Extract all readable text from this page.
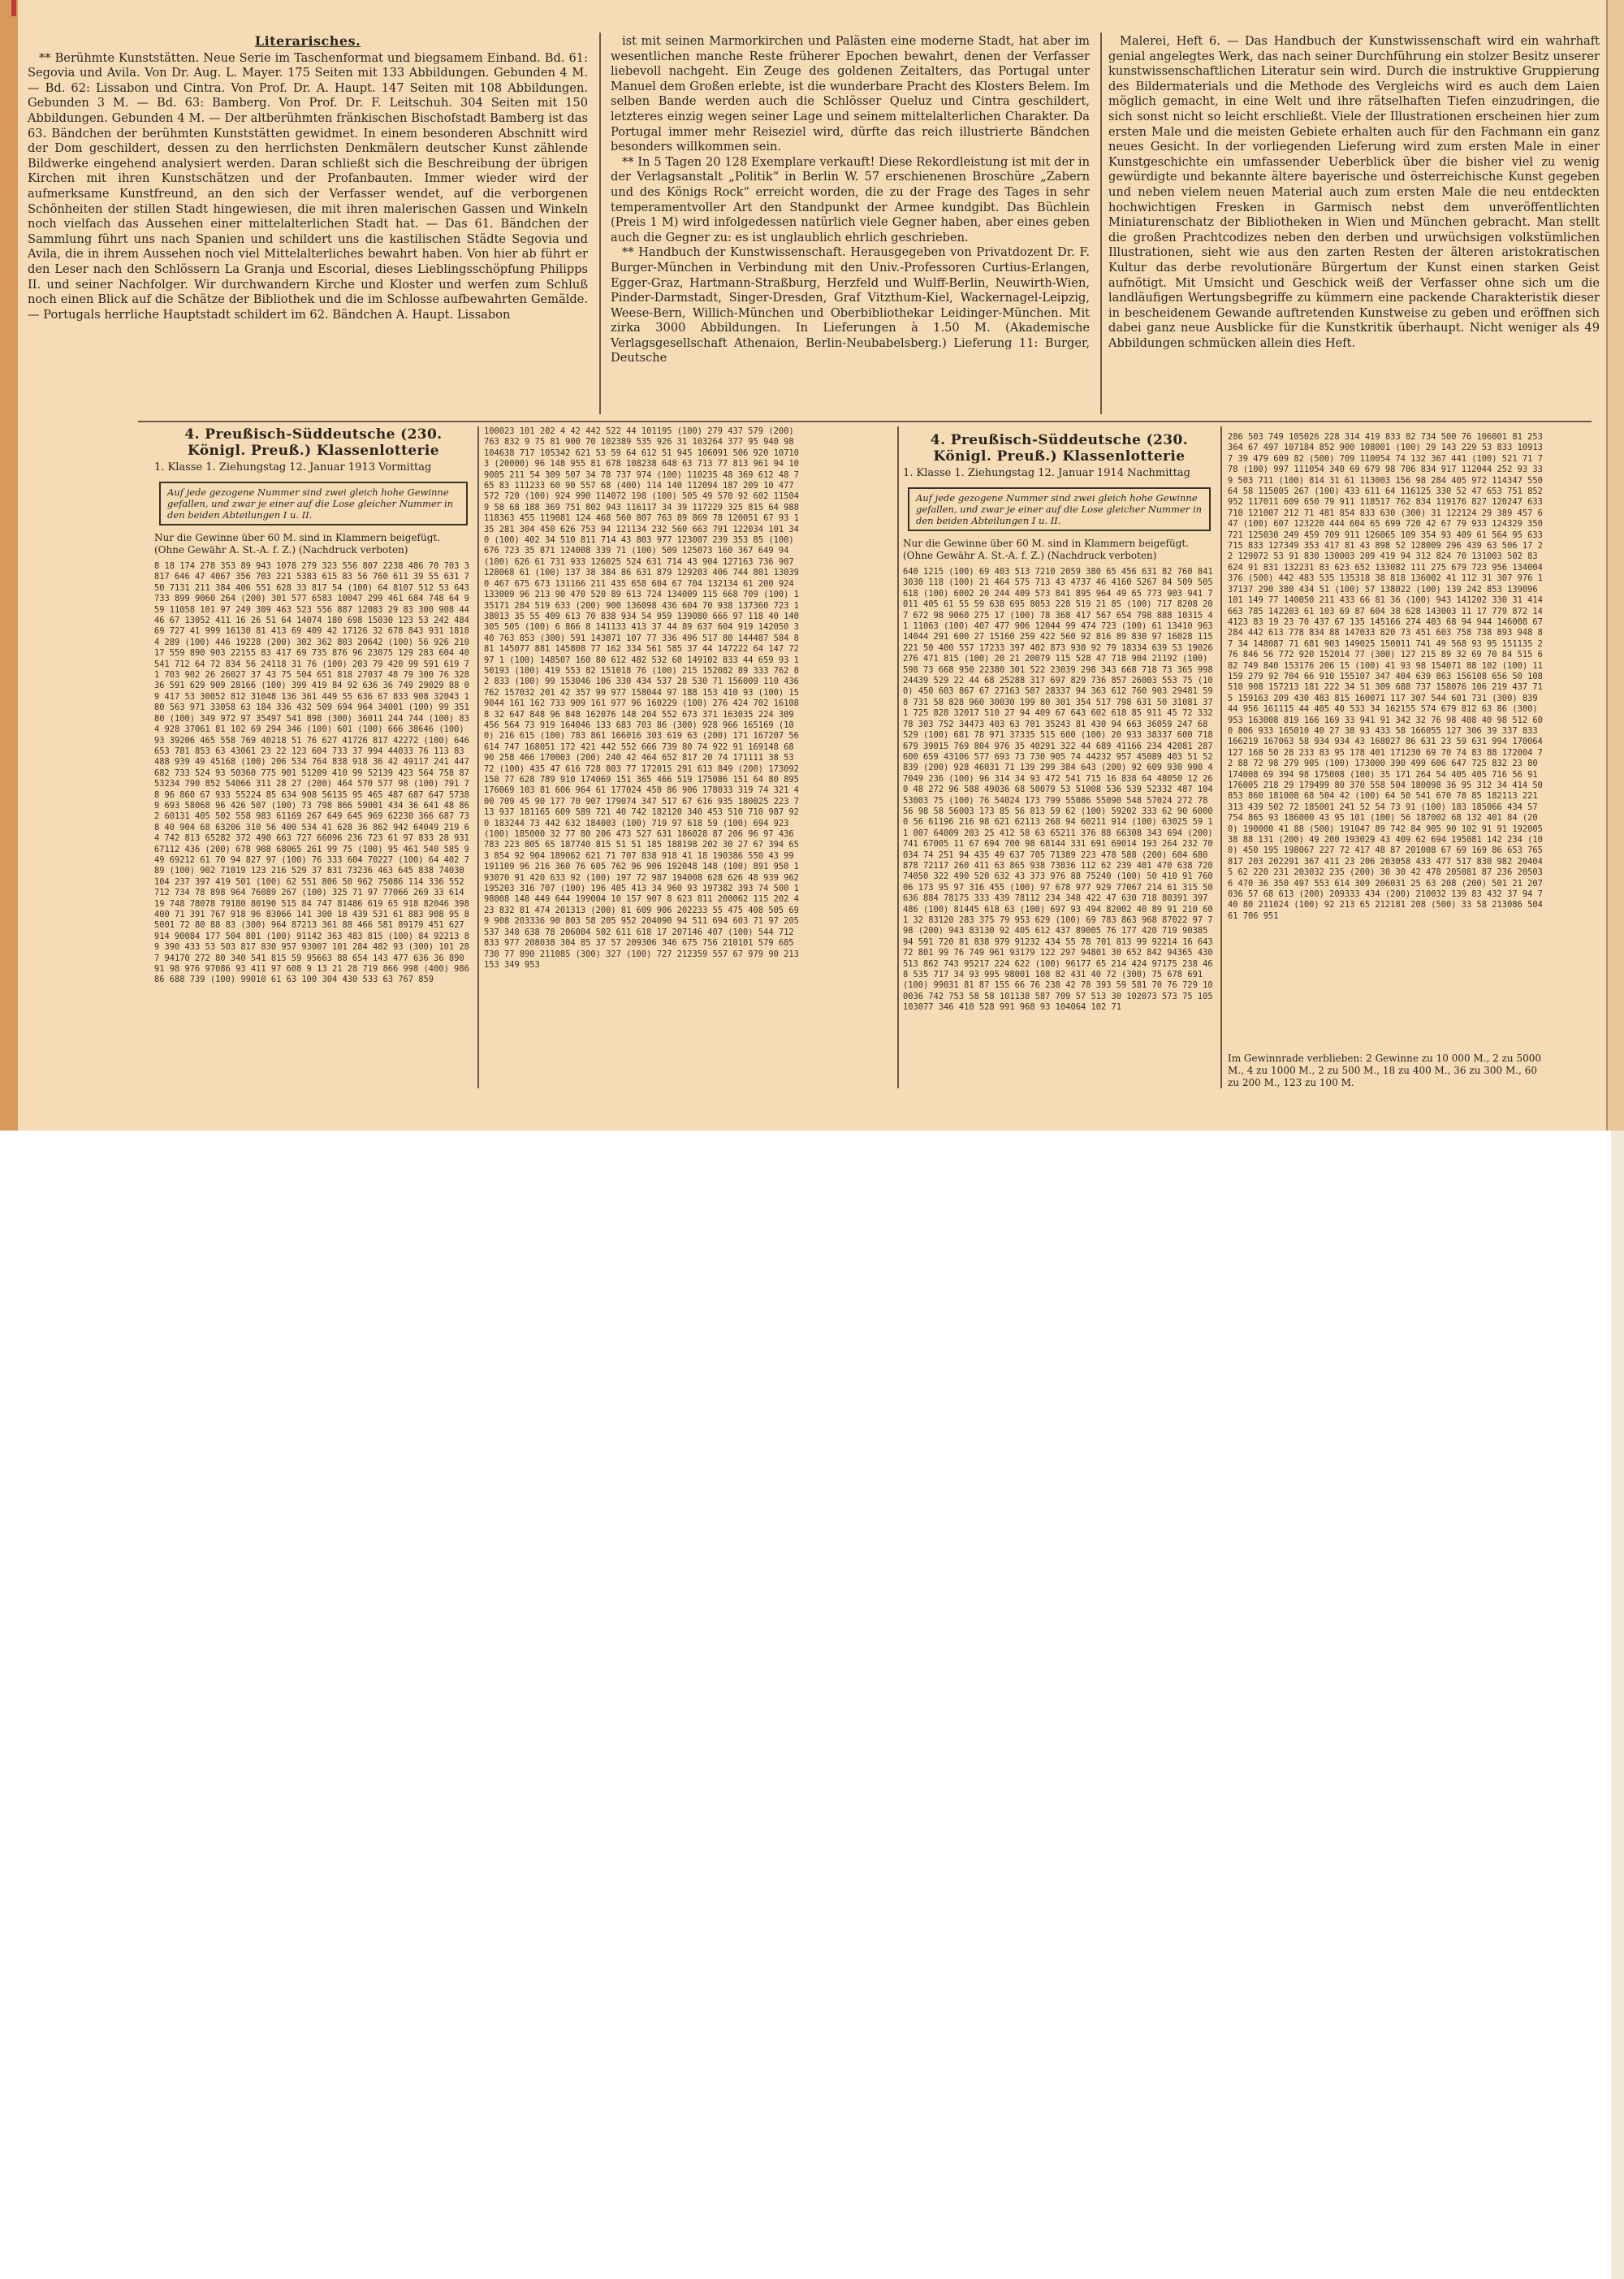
Literarisches.

** Berühmte Kunststätten. Neue Serie im Taschenformat und biegsamem Einband. Bd. 61: Segovia und Avila. Von Dr. Aug. L. Mayer. 175 Seiten mit 133 Abbildungen. Gebunden 4 M. — Bd. 62: Lissabon und Cintra. Von Prof. Dr. A. Haupt. 147 Seiten mit 108 Abbildungen. Gebunden 3 M. — Bd. 63: Bamberg. Von Prof. Dr. F. Leitschuh. 304 Seiten mit 150 Abbildungen. Gebunden 4 M. — Der altberühmten fränkischen Bischofstadt Bamberg ist das 63. Bändchen der berühmten Kunststätten gewidmet. In einem besonderen Abschnitt wird der Dom geschildert, dessen zu den herrlichsten Denkmälern deutscher Kunst zählende Bildwerke eingehend analysiert werden. Daran schließt sich die Beschreibung der übrigen Kirchen mit ihren Kunstschätzen und der Profanbauten. Immer wieder wird der aufmerksame Kunstfreund, an den sich der Verfasser wendet, auf die verborgenen Schönheiten der stillen Stadt hingewiesen, die mit ihren malerischen Gassen und Winkeln noch vielfach das Aussehen einer mittelalterlichen Stadt hat. — Das 61. Bändchen der Sammlung führt uns nach Spanien und schildert uns die kastilischen Städte Segovia und Avila, die in ihrem Aussehen noch viel Mittelalterliches bewahrt haben. Von hier ab führt er den Leser nach den Schlössern La Granja und Escorial, dieses Lieblingsschöpfung Philipps II. und seiner Nachfolger. Wir durchwandern Kirche und Kloster und werfen zum Schluß noch einen Blick auf die Schätze der Bibliothek und die im Schlosse aufbewahrten Gemälde. — Portugals herrliche Hauptstadt schildert im 62. Bändchen A. Haupt. Lissabon

ist mit seinen Marmorkirchen und Palästen eine moderne Stadt, hat aber im wesentlichen manche Reste früherer Epochen bewahrt, denen der Verfasser liebevoll nachgeht. Ein Zeuge des goldenen Zeitalters, das Portugal unter Manuel dem Großen erlebte, ist die wunderbare Pracht des Klosters Belem. Im selben Bande werden auch die Schlösser Queluz und Cintra geschildert, letzteres einzig wegen seiner Lage und seinem mittelalterlichen Charakter. Da Portugal immer mehr Reiseziel wird, dürfte das reich illustrierte Bändchen besonders willkommen sein.

** In 5 Tagen 20 128 Exemplare verkauft! Diese Rekordleistung ist mit der in der Verlagsanstalt „Politik“ in Berlin W. 57 erschienenen Broschüre „Zabern und des Königs Rock“ erreicht worden, die zu der Frage des Tages in sehr temperamentvoller Art den Standpunkt der Armee kundgibt. Das Büchlein (Preis 1 M) wird infolgedessen natürlich viele Gegner haben, aber eines geben auch die Gegner zu: es ist unglaublich ehrlich geschrieben.

** Handbuch der Kunstwissenschaft. Herausgegeben von Privatdozent Dr. F. Burger-München in Verbindung mit den Univ.-Professoren Curtius-Erlangen, Egger-Graz, Hartmann-Straßburg, Herzfeld und Wulff-Berlin, Neuwirth-Wien, Pinder-Darmstadt, Singer-Dresden, Graf Vitzthum-Kiel, Wackernagel-Leipzig, Weese-Bern, Willich-München und Oberbibliothekar Leidinger-München. Mit zirka 3000 Abbildungen. In Lieferungen à 1.50 M. (Akademische Verlagsgesellschaft Athenaion, Berlin-Neubabelsberg.) Lieferung 11: Burger, Deutsche

Malerei, Heft 6. — Das Handbuch der Kunstwissenschaft wird ein wahrhaft genial angelegtes Werk, das nach seiner Durchführung ein stolzer Besitz unserer kunstwissenschaftlichen Literatur sein wird. Durch die instruktive Gruppierung des Bildermaterials und die Methode des Vergleichs wird es auch dem Laien möglich gemacht, in eine Welt und ihre rätselhaften Tiefen einzudringen, die sich sonst nicht so leicht erschließt. Viele der Illustrationen erscheinen hier zum ersten Male und die meisten Gebiete erhalten auch für den Fachmann ein ganz neues Gesicht. In der vorliegenden Lieferung wird zum ersten Male in einer Kunstgeschichte ein umfassender Ueberblick über die bisher viel zu wenig gewürdigte und bekannte ältere bayerische und österreichische Kunst gegeben und neben vielem neuen Material auch zum ersten Male die neu entdeckten hochwichtigen Fresken in Garmisch nebst dem unveröffentlichten Miniaturenschatz der Bibliotheken in Wien und München gebracht. Man stellt die großen Prachtcodizes neben den derben und urwüchsigen volkstümlichen Illustrationen, sieht wie aus den zarten Resten der älteren aristokratischen Kultur das derbe revolutionäre Bürgertum der Kunst einen starken Geist aufnötigt. Mit Umsicht und Geschick weiß der Verfasser ohne sich um die landläufigen Wertungsbegriffe zu kümmern eine packende Charakteristik dieser in bescheidenem Gewande auftretenden Kunstweise zu geben und eröffnen sich dabei ganz neue Ausblicke für die Kunstkritik überhaupt. Nicht weniger als 49 Abbildungen schmücken allein dies Heft.

4. Preußisch-Süddeutsche (230. Königl. Preuß.) Klassenlotterie
1. Klasse 1. Ziehungstag 12. Januar 1913 Vormittag
Auf jede gezogene Nummer sind zwei gleich hohe Gewinne gefallen, und zwar je einer auf die Lose gleicher Nummer in den beiden Abteilungen I u. II.
Nur die Gewinne über 60 M. sind in Klammern beigefügt. (Ohne Gewähr A. St.-A. f. Z.) (Nachdruck verboten)
8 18 174 278 353 89 943 1078 279 323 556 807 2238 486 70 703 3817 646 47 4067 356 703 221 5383 615 83 56 760 611 39 55 631 750 7131 211 384 406 551 628 33 817 54 (100) 64 8107 512 53 643 733 899 9060 264 (200) 301 577 6583 10047 299 461 684 748 64 959 11058 101 97 249 309 463 523 556 887 12083 29 83 300 908 44 46 67 13052 411 16 26 51 64 14074 180 698 15030 123 53 242 484 69 727 41 999 16130 81 413 69 409 42 17126 32 678 843 931 18184 289 (100) 446 19228 (200) 302 362 803 20642 (100) 56 926 21017 559 890 903 22155 83 417 69 735 876 96 23075 129 283 604 40 541 712 64 72 834 56 24118 31 76 (100) 203 79 420 99 591 619 71 703 902 26 26027 37 43 75 504 651 818 27037 48 79 300 76 328 36 591 629 909 28166 (100) 399 419 84 92 636 36 749 29029 88 09 417 53 30052 812 31048 136 361 449 55 636 67 833 908 32043 180 563 971 33058 63 184 336 432 509 694 964 34001 (100) 99 35180 (100) 349 972 97 35497 541 898 (300) 36011 244 744 (100) 834 928 37061 81 102 69 294 346 (100) 601 (100) 666 38646 (100) 93 39206 465 558 769 40218 51 76 627 41726 817 42272 (100) 646 653 781 853 63 43061 23 22 123 604 733 37 994 44033 76 113 83 488 939 49 45168 (100) 206 534 764 838 918 36 42 49117 241 447 682 733 524 93 50360 775 901 51209 410 99 52139 423 564 758 87 53234 790 852 54066 311 28 27 (200) 464 570 577 98 (100) 791 78 96 860 67 933 55224 85 634 908 56135 95 465 487 687 647 57389 693 58068 96 426 507 (100) 73 798 866 59001 434 36 641 48 862 60131 405 502 558 983 61169 267 649 645 969 62230 366 687 738 40 904 68 63206 310 56 400 534 41 628 36 862 942 64049 219 64 742 813 65282 372 490 663 727 66096 236 723 61 97 833 28 931 67112 436 (200) 678 908 68065 261 99 75 (100) 95 461 540 585 949 69212 61 70 94 827 97 (100) 76 333 604 70227 (100) 64 402 789 (100) 902 71019 123 216 529 37 831 73236 463 645 838 74030 104 237 397 419 501 (100) 62 551 806 50 962 75086 114 336 552 712 734 78 898 964 76089 267 (100) 325 71 97 77066 269 33 614 19 748 78078 79180 80190 515 84 747 81486 619 65 918 82046 398 400 71 391 767 918 96 83066 141 300 18 439 531 61 883 908 95 85001 72 80 88 83 (300) 964 87213 361 88 466 581 89179 451 627 914 90084 177 504 801 (100) 91142 363 483 815 (100) 84 92213 89 390 433 53 503 817 830 957 93007 101 284 482 93 (300) 101 287 94170 272 80 340 541 815 59 95663 88 654 143 477 636 36 890 91 98 976 97086 93 411 97 608 9 13 21 28 719 866 998 (400) 98686 688 739 (100) 99010 61 63 100 304 430 533 63 767 859
100023 101 202 4 42 442 522 44 101195 (100) 279 437 579 (200) 763 832 9 75 81 900 70 102389 535 926 31 103264 377 95 940 98 104638 717 105342 621 53 59 64 612 51 945 106091 506 920 107103 (20000) 96 148 955 81 678 108238 648 63 713 77 813 961 94 109005 211 54 309 507 34 78 737 974 (100) 110235 48 369 612 48 765 83 111233 60 90 557 68 (400) 114 140 112094 187 209 10 477 572 720 (100) 924 990 114072 198 (100) 505 49 570 92 602 115049 58 68 188 369 751 802 943 116117 34 39 117229 325 815 64 988 118363 455 119081 124 468 560 807 763 89 869 78 120051 67 93 135 281 304 450 626 753 94 121134 232 560 663 791 122034 101 340 (100) 402 34 510 811 714 43 803 977 123007 239 353 85 (100) 676 723 35 871 124008 339 71 (100) 509 125073 160 367 649 94 (100) 626 61 731 933 126025 524 631 714 43 904 127163 736 907 128068 61 (100) 137 38 384 86 631 879 129203 406 744 801 130390 467 675 673 131166 211 435 658 604 67 704 132134 61 200 924 133009 96 213 90 470 520 89 613 724 134009 115 668 709 (100) 135171 284 519 633 (200) 900 136098 436 604 70 938 137360 723 138013 35 55 409 613 70 838 934 54 959 139080 666 97 118 40 140305 505 (100) 6 866 8 141133 413 37 44 89 637 604 919 142050 340 763 853 (300) 591 143071 107 77 336 496 517 80 144487 584 881 145077 881 145808 77 162 334 561 585 37 44 147222 64 147 72 97 1 (100) 148507 160 80 612 482 532 60 149102 833 44 659 93 150193 (100) 419 553 82 151018 76 (100) 215 152082 89 333 762 82 833 (100) 99 153046 106 330 434 537 28 530 71 156009 110 436 762 157032 201 42 357 99 977 158044 97 188 153 410 93 (100) 159044 161 162 733 909 161 977 96 160229 (100) 276 424 702 161088 32 647 848 96 848 162076 148 204 552 673 371 163035 224 309 456 564 73 919 164046 133 683 703 86 (300) 928 966 165169 (100) 216 615 (100) 783 861 166016 303 619 63 (200) 171 167207 56 614 747 168051 172 421 442 552 666 739 80 74 922 91 169148 68 90 258 466 170003 (200) 240 42 464 652 817 20 74 171111 38 53 72 (100) 435 47 616 728 803 77 172015 291 613 849 (200) 173092 150 77 628 789 910 174069 151 365 466 519 175086 151 64 80 895 176069 103 81 606 964 61 177024 450 86 906 178033 319 74 321 400 709 45 90 177 70 907 179074 347 517 67 616 935 180025 223 713 937 181165 609 589 721 40 742 182120 340 453 510 710 987 920 183244 73 442 632 184003 (100) 719 97 618 59 (100) 694 923 (100) 185000 32 77 80 206 473 527 631 186028 87 206 96 97 436 783 223 805 65 187740 815 51 51 185 188198 202 30 27 67 394 653 854 92 904 189062 621 71 707 838 918 41 18 190386 550 43 99 191109 96 216 360 76 605 762 96 906 192048 148 (100) 891 950 193070 91 420 633 92 (100) 197 72 987 194008 628 626 48 939 962 195203 316 707 (100) 196 405 413 34 960 93 197382 393 74 500 198008 148 449 644 199004 10 157 907 8 623 811 200062 115 202 423 832 81 474 201313 (200) 81 609 906 202233 55 475 408 505 699 908 203336 90 803 58 205 952 204090 94 511 694 603 71 97 205537 348 638 78 206004 502 611 618 17 207146 407 (100) 544 712 833 977 208038 304 85 37 57 209306 346 675 756 210101 579 685 730 77 890 211085 (300) 327 (100) 727 212359 557 67 979 90 213153 349 953
4. Preußisch-Süddeutsche (230. Königl. Preuß.) Klassenlotterie
1. Klasse 1. Ziehungstag 12. Januar 1914 Nachmittag
Auf jede gezogene Nummer sind zwei gleich hohe Gewinne gefallen, und zwar je einer auf die Lose gleicher Nummer in den beiden Abteilungen I u. II.
Nur die Gewinne über 60 M. sind in Klammern beigefügt. (Ohne Gewähr A. St.-A. f. Z.) (Nachdruck verboten)
640 1215 (100) 69 403 513 7210 2059 380 65 456 631 82 760 841 3030 118 (100) 21 464 575 713 43 4737 46 4160 5267 84 509 505 618 (100) 6002 20 244 409 573 841 895 964 49 65 773 903 941 7011 405 61 55 59 638 695 8053 228 519 21 85 (100) 717 8208 207 672 98 9060 275 17 (100) 78 368 417 567 654 798 888 10315 41 11063 (100) 407 477 906 12044 99 474 723 (100) 61 13410 963 14044 291 600 27 15160 259 422 560 92 816 89 830 97 16028 115 221 50 400 557 17233 397 402 873 930 92 79 18334 639 53 19026 276 471 815 (100) 20 21 20079 115 528 47 718 904 21192 (100) 598 73 668 950 22380 301 522 23039 298 343 668 718 73 365 998 24439 529 22 44 68 25288 317 697 829 736 857 26003 553 75 (100) 450 603 867 67 27163 507 28337 94 363 612 760 903 29481 598 731 58 828 960 30030 199 80 301 354 517 798 631 50 31081 371 725 828 32017 510 27 94 409 67 643 602 618 85 911 45 72 33278 303 752 34473 403 63 701 35243 81 430 94 663 36059 247 68 529 (100) 681 78 971 37335 515 600 (100) 20 933 38337 600 718 679 39015 769 804 976 35 40291 322 44 689 41166 234 42081 287 600 659 43106 577 693 73 730 905 74 44232 957 45089 403 51 52 839 (200) 928 46031 71 139 299 384 643 (200) 92 609 930 900 47049 236 (100) 96 314 34 93 472 541 715 16 838 64 48050 12 260 48 272 96 588 49036 68 50079 53 51008 536 539 52332 487 104 53003 75 (100) 76 54024 173 799 55086 55090 548 57024 272 78 56 98 58 56003 173 85 56 813 59 62 (100) 59202 333 62 90 60000 56 61196 216 98 621 62113 268 94 60211 914 (100) 63025 59 11 007 64009 203 25 412 58 63 65211 376 88 66308 343 694 (200) 741 67005 11 67 694 700 98 68144 331 691 69014 193 264 232 70034 74 251 94 435 49 637 705 71389 223 478 588 (200) 604 680 878 72117 260 411 63 865 938 73036 112 62 239 401 470 638 720 74050 322 490 520 632 43 373 976 88 75240 (100) 50 410 91 76006 173 95 97 316 455 (100) 97 678 977 929 77067 214 61 315 50 636 884 78175 333 439 78112 234 348 422 47 630 718 80391 397 486 (100) 81445 618 63 (100) 697 93 494 82002 40 89 91 210 601 32 83120 283 375 79 953 629 (100) 69 783 863 968 87022 97 798 (200) 943 83130 92 405 612 437 89005 76 177 420 719 90385 94 591 720 81 838 979 91232 434 55 78 701 813 99 92214 16 643 72 801 99 76 749 961 93179 122 297 94801 30 652 842 94365 430 513 862 743 95217 224 622 (100) 96177 65 214 424 97175 238 468 535 717 34 93 995 98001 108 82 431 40 72 (300) 75 678 691 (100) 99031 81 87 155 66 76 238 42 78 393 59 581 70 76 729 100036 742 753 58 58 101138 587 709 57 513 30 102073 573 75 105 103077 346 410 528 991 968 93 104064 102 71
286 503 749 105026 228 314 419 833 82 734 500 76 106001 81 253 364 67 497 107184 852 900 108001 (100) 29 143 229 53 833 109137 39 479 609 82 (500) 709 110054 74 132 367 441 (100) 521 71 778 (100) 997 111054 340 69 679 98 706 834 917 112044 252 93 339 503 711 (100) 814 31 61 113003 156 98 284 405 972 114347 550 64 58 115005 267 (100) 433 611 64 116125 330 52 47 653 751 852 952 117011 609 650 79 911 118517 762 834 119176 827 120247 633 710 121007 212 71 481 854 833 630 (300) 31 122124 29 389 457 647 (100) 607 123220 444 604 65 699 720 42 67 79 933 124329 350 721 125030 249 459 709 911 126065 109 354 93 409 61 564 95 633 715 833 127349 353 417 81 43 898 52 128009 296 439 63 506 17 22 129072 53 91 830 130003 209 419 94 312 824 70 131003 502 83 624 91 831 132231 83 623 652 133082 111 275 679 723 956 134004 376 (500) 442 483 535 135318 38 818 136002 41 112 31 307 976 137137 290 380 434 51 (100) 57 138022 (100) 139 242 853 139096 101 149 77 140050 211 433 66 81 36 (100) 943 141202 330 31 414 663 785 142203 61 103 69 87 604 38 628 143003 11 17 779 872 144123 83 19 23 70 437 67 135 145166 274 403 68 94 944 146008 67 284 442 613 778 834 88 147033 820 73 451 603 758 738 893 948 87 34 148087 71 681 903 149025 150011 741 49 568 93 95 151135 276 846 56 772 920 152014 77 (300) 127 215 89 32 69 70 84 515 682 749 840 153176 206 15 (100) 41 93 98 154071 88 102 (100) 11 159 279 92 704 66 910 155107 347 404 639 863 156108 656 50 108 510 908 157213 181 222 34 51 309 688 737 158076 106 219 437 715 159163 209 430 483 815 160071 117 307 544 601 731 (300) 839 44 956 161115 44 405 40 533 34 162155 574 679 812 63 86 (300) 953 163008 819 166 169 33 941 91 342 32 76 98 408 40 98 512 600 806 933 165010 40 27 38 93 433 58 166055 127 306 39 337 833 166219 167063 58 934 934 43 168027 86 631 23 59 631 994 170064 127 168 50 28 233 83 95 178 401 171230 69 70 74 83 88 172004 72 88 72 98 279 905 (100) 173000 390 499 606 647 725 832 23 80 174008 69 394 98 175008 (100) 35 171 264 54 405 405 716 56 91 176005 218 29 179499 80 370 558 504 180098 36 95 312 34 414 50 853 860 181008 68 504 42 (100) 64 50 541 670 78 85 182113 221 313 439 502 72 185001 241 52 54 73 91 (100) 183 185066 434 57 754 865 93 186000 43 95 101 (100) 56 187002 68 132 401 84 (200) 190000 41 88 (500) 191047 89 742 84 905 90 102 91 91 192005 38 88 131 (200) 49 200 193029 43 409 62 694 195081 142 234 (100) 450 195 198067 227 72 417 48 87 201008 67 69 169 86 653 765 817 203 202291 367 411 23 206 203058 433 477 517 830 982 204045 62 220 231 203032 235 (200) 30 30 42 478 205081 87 236 205036 470 36 350 497 553 614 309 206031 25 63 208 (200) 501 21 207036 57 68 613 (200) 209333 434 (200) 210032 139 83 432 37 94 740 80 211024 (100) 92 213 65 212181 208 (500) 33 58 213086 504 61 706 951
Im Gewinnrade verblieben: 2 Gewinne zu 10 000 M., 2 zu 5000 M., 4 zu 1000 M., 2 zu 500 M., 18 zu 400 M., 36 zu 300 M., 60 zu 200 M., 123 zu 100 M.
